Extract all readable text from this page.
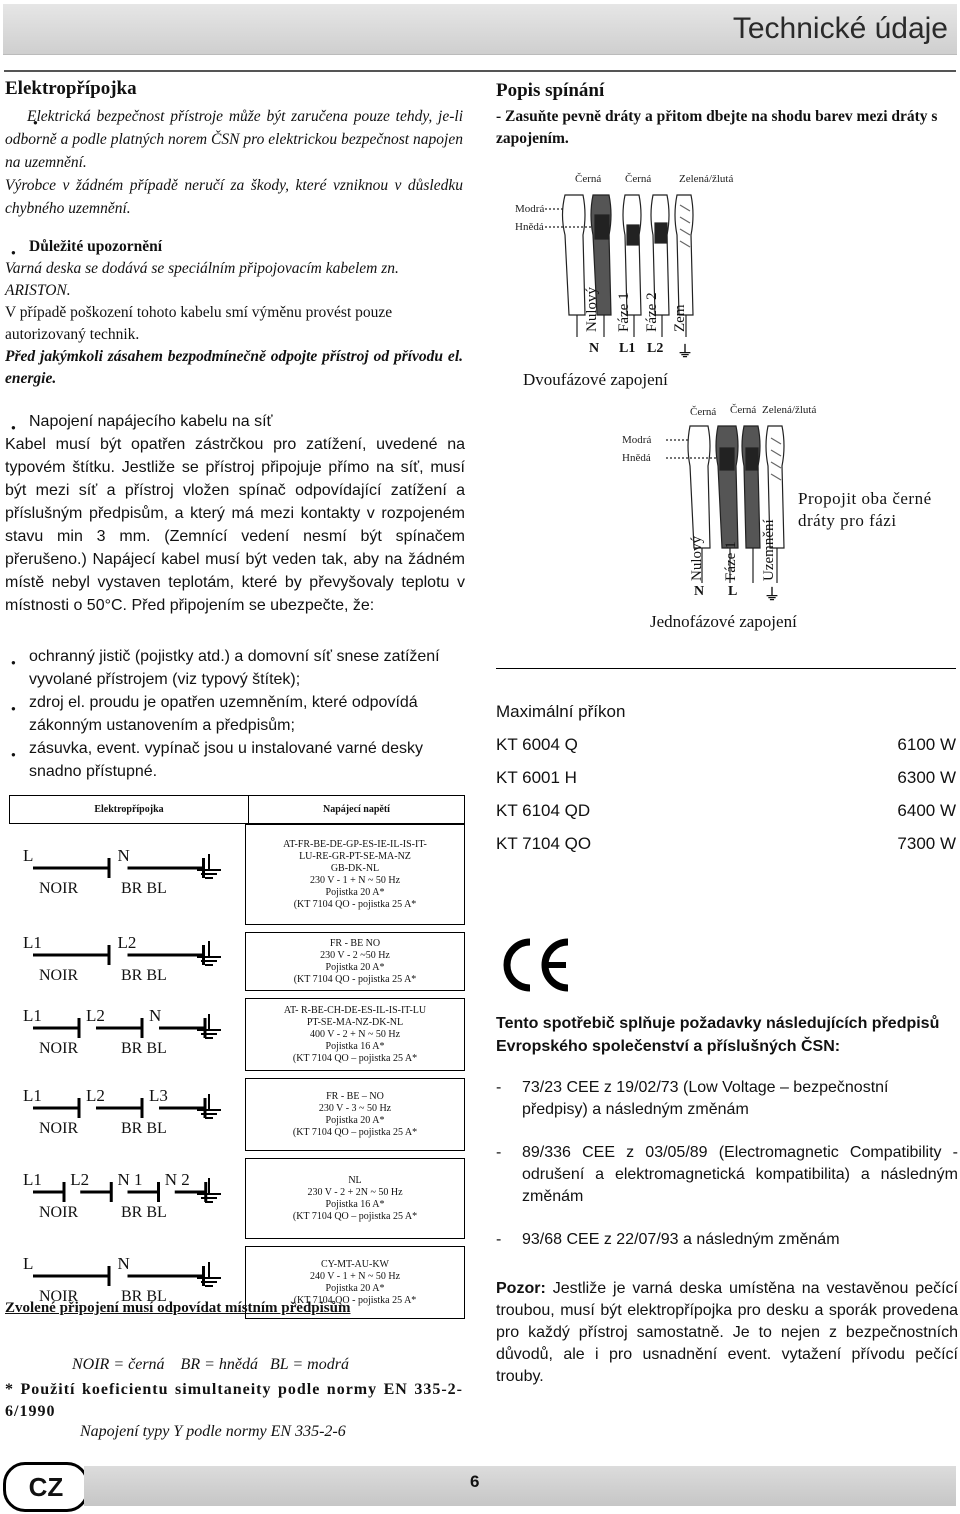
Technické údaje
Elektropřípojka
Elektrická bezpečnost přístroje může být zaručena pouze tehdy, je-li odborně a podle platných norem ČSN pro elektrickou bezpečnost napojen na uzemnění.
Výrobce v žádném případě neručí za škody, které vzniknou v důsledku chybného uzemnění.
Důležité upozornění
Varná deska se dodává se speciálním připojovacím kabelem zn. ARISTON.
V případě poškození tohoto kabelu smí výměnu provést pouze autorizovaný technik.
Před jakýmkoli zásahem bezpodmínečně odpojte přístroj od přívodu el. energie.
Napojení napájecího kabelu na síť
Kabel musí být opatřen zástrčkou pro zatížení, uvedené na typovém štítku. Jestliže se přístroj připojuje přímo na síť, musí být mezi síť a přístroj vložen spínač odpovídající zatížení a příslušným předpisům, a který má mezi kontakty v rozpojeném stavu min 3 mm. (Zemnící vedení nesmí být spínačem přerušeno.) Napájecí kabel musí být veden tak, aby na žádném místě nebyl vystaven teplotám, které by převyšovaly teplotu v místnosti o 50°C. Před připojením se ubezpečte, že:
ochranný jistič (pojistky atd.) a domovní síť snese zatížení vyvolané přístrojem (viz typový štítek);
zdroj el. proudu je opatřen uzemněním, které odpovídá zákonným ustanovením a předpisům;
zásuvka, event. vypínač jsou u instalované varné desky snadno přístupné.
Elektropřípojka	Napájecí napětí
L	N
NOIR	BR BL
AT-FR-BE-DE-GP-ES-IE-IL-IS-IT-
LU-RE-GR-PT-SE-MA-NZ
GB-DK-NL
230 V - 1 + N ~ 50 Hz
Pojistka 20 A*
(KT 7104 QO - pojistka 25 A*
L1	L2
NOIR	BR BL
FR - BE NO
230 V - 2 ~50 Hz
Pojistka 20 A*
(KT 7104 QO - pojistka 25 A*
L1	L2	N
NOIR	BR BL
AT- R-BE-CH-DE-ES-IL-IS-IT-LU
PT-SE-MA-NZ-DK-NL
400 V - 2 + N ~ 50 Hz
Pojistka 16 A*
(KT 7104 QO – pojistka 25 A*
L1	L2	L3
NOIR	BR BL
FR - BE – NO
230 V - 3 ~ 50 Hz
Pojistka 20 A*
(KT 7104 QO – pojistka 25 A*
L1 L2 N 1 N 2
NOIR	BR BL
NL
230 V - 2 + 2N ~ 50 Hz
Pojistka 16 A*
(KT 7104 QO – pojistka 25 A*
L	N
NOIR	BR BL
CY-MT-AU-KW
240 V - 1 + N ~ 50 Hz
Pojistka 20 A*
(KT 7104 QO - pojistka 25 A*
Zvolené připojení musí odpovídat místním předpisům
NOIR = černá    BR = hnědá   BL = modrá
* Použití koeficientu simultaneity podle normy EN 335-2-6/1990
Napojení typy Y podle normy EN 335-2-6
Popis spínání
- Zasuňte pevně dráty a přitom dbejte na shodu barev mezi dráty s zapojením.
Černá Černá	Zelená/žlutá
Modrá
Hnědá
Nulový Fáze 1 Fáze 2 Zem
N L1 L2 ⏚
Dvoufázové zapojení
Černá Černá Zelená/žlutá
Modrá
Hnědá
Nulový Fáze 1 Uzemnění
N L ⏚
Propojit oba černé dráty pro fázi
Jednofázové zapojení
Maximální příkon
KT 6004 Q	6100 W
KT 6001 H	6300 W
KT 6104 QD	6400 W
KT 7104 QO	7300 W
Tento spotřebič splňuje požadavky následujících předpisů Evropského společenství a příslušných ČSN:
-	73/23 CEE z 19/02/73 (Low Voltage – bezpečnostní předpisy) a následným změnám
-	89/336 CEE z 03/05/89 (Electromagnetic Compatibility - odrušení a elektromagnetická kompatibilita) a následným změnám
-	93/68 CEE z 22/07/93 a následným změnám
Pozor: Jestliže je varná deska umístěna na vestavěnou pečící troubou, musí být elektropřípojka pro desku a sporák provedena pro každý přístroj samostatně. Je to nejen z bezpečnostních důvodů, ale i pro usnadnění event. vytažení přívodu pečící trouby.
CZ	6
